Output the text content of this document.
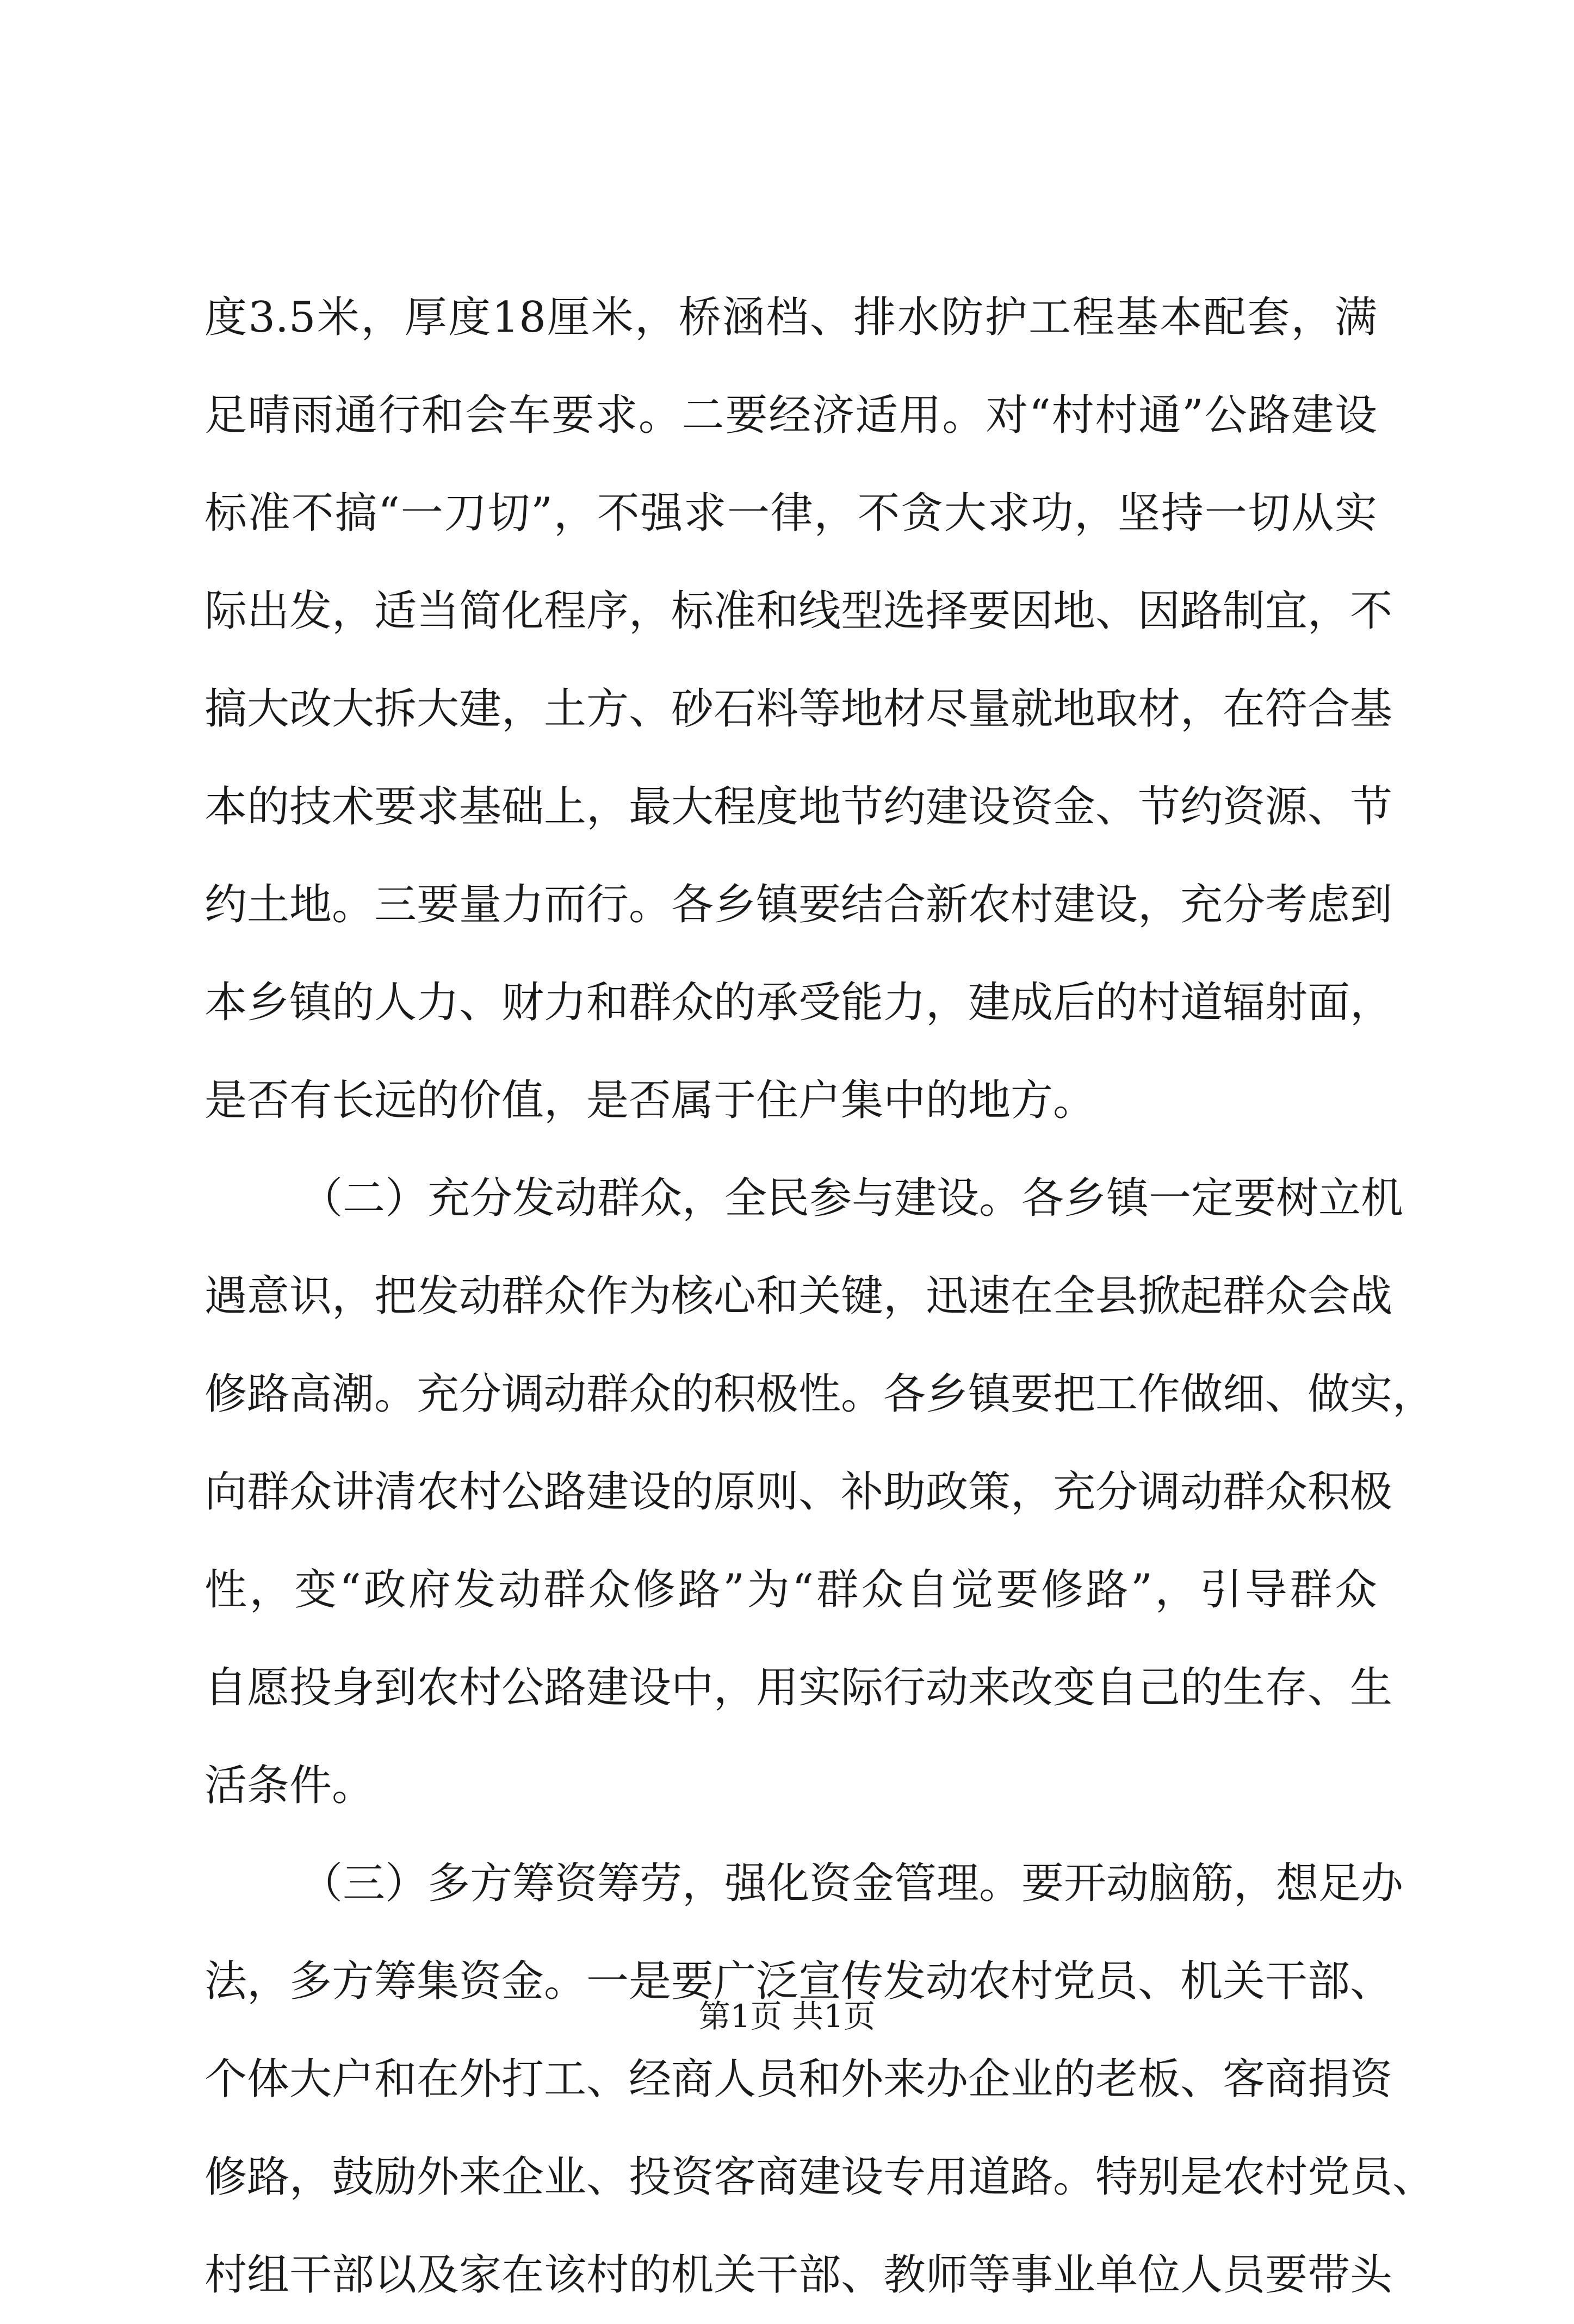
度3.5米，厚度18厘米，桥涵档、排水防护工程基本配套，满
足晴雨通行和会车要求。二要经济适用。对“村村通”公路建设
标准不搞“一刀切”，不强求一律，不贪大求功，坚持一切从实
际出发，适当简化程序，标准和线型选择要因地、因路制宜，不
搞大改大拆大建，土方、砂石料等地材尽量就地取材，在符合基
本的技术要求基础上，最大程度地节约建设资金、节约资源、节
约土地。三要量力而行。各乡镇要结合新农村建设，充分考虑到
本乡镇的人力、财力和群众的承受能力，建成后的村道辐射面，
是否有长远的价值，是否属于住户集中的地方。
（二）充分发动群众，全民参与建设。各乡镇一定要树立机
遇意识，把发动群众作为核心和关键，迅速在全县掀起群众会战
修路高潮。充分调动群众的积极性。各乡镇要把工作做细、做实，
向群众讲清农村公路建设的原则、补助政策，充分调动群众积极
性，变“政府发动群众修路”为“群众自觉要修路”，引导群众
自愿投身到农村公路建设中，用实际行动来改变自己的生存、生
活条件。
（三）多方筹资筹劳，强化资金管理。要开动脑筋，想足办
法，多方筹集资金。一是要广泛宣传发动农村党员、机关干部、
个体大户和在外打工、经商人员和外来办企业的老板、客商捐资
修路，鼓励外来企业、投资客商建设专用道路。特别是农村党员、
村组干部以及家在该村的机关干部、教师等事业单位人员要带头
第1页 共1页
